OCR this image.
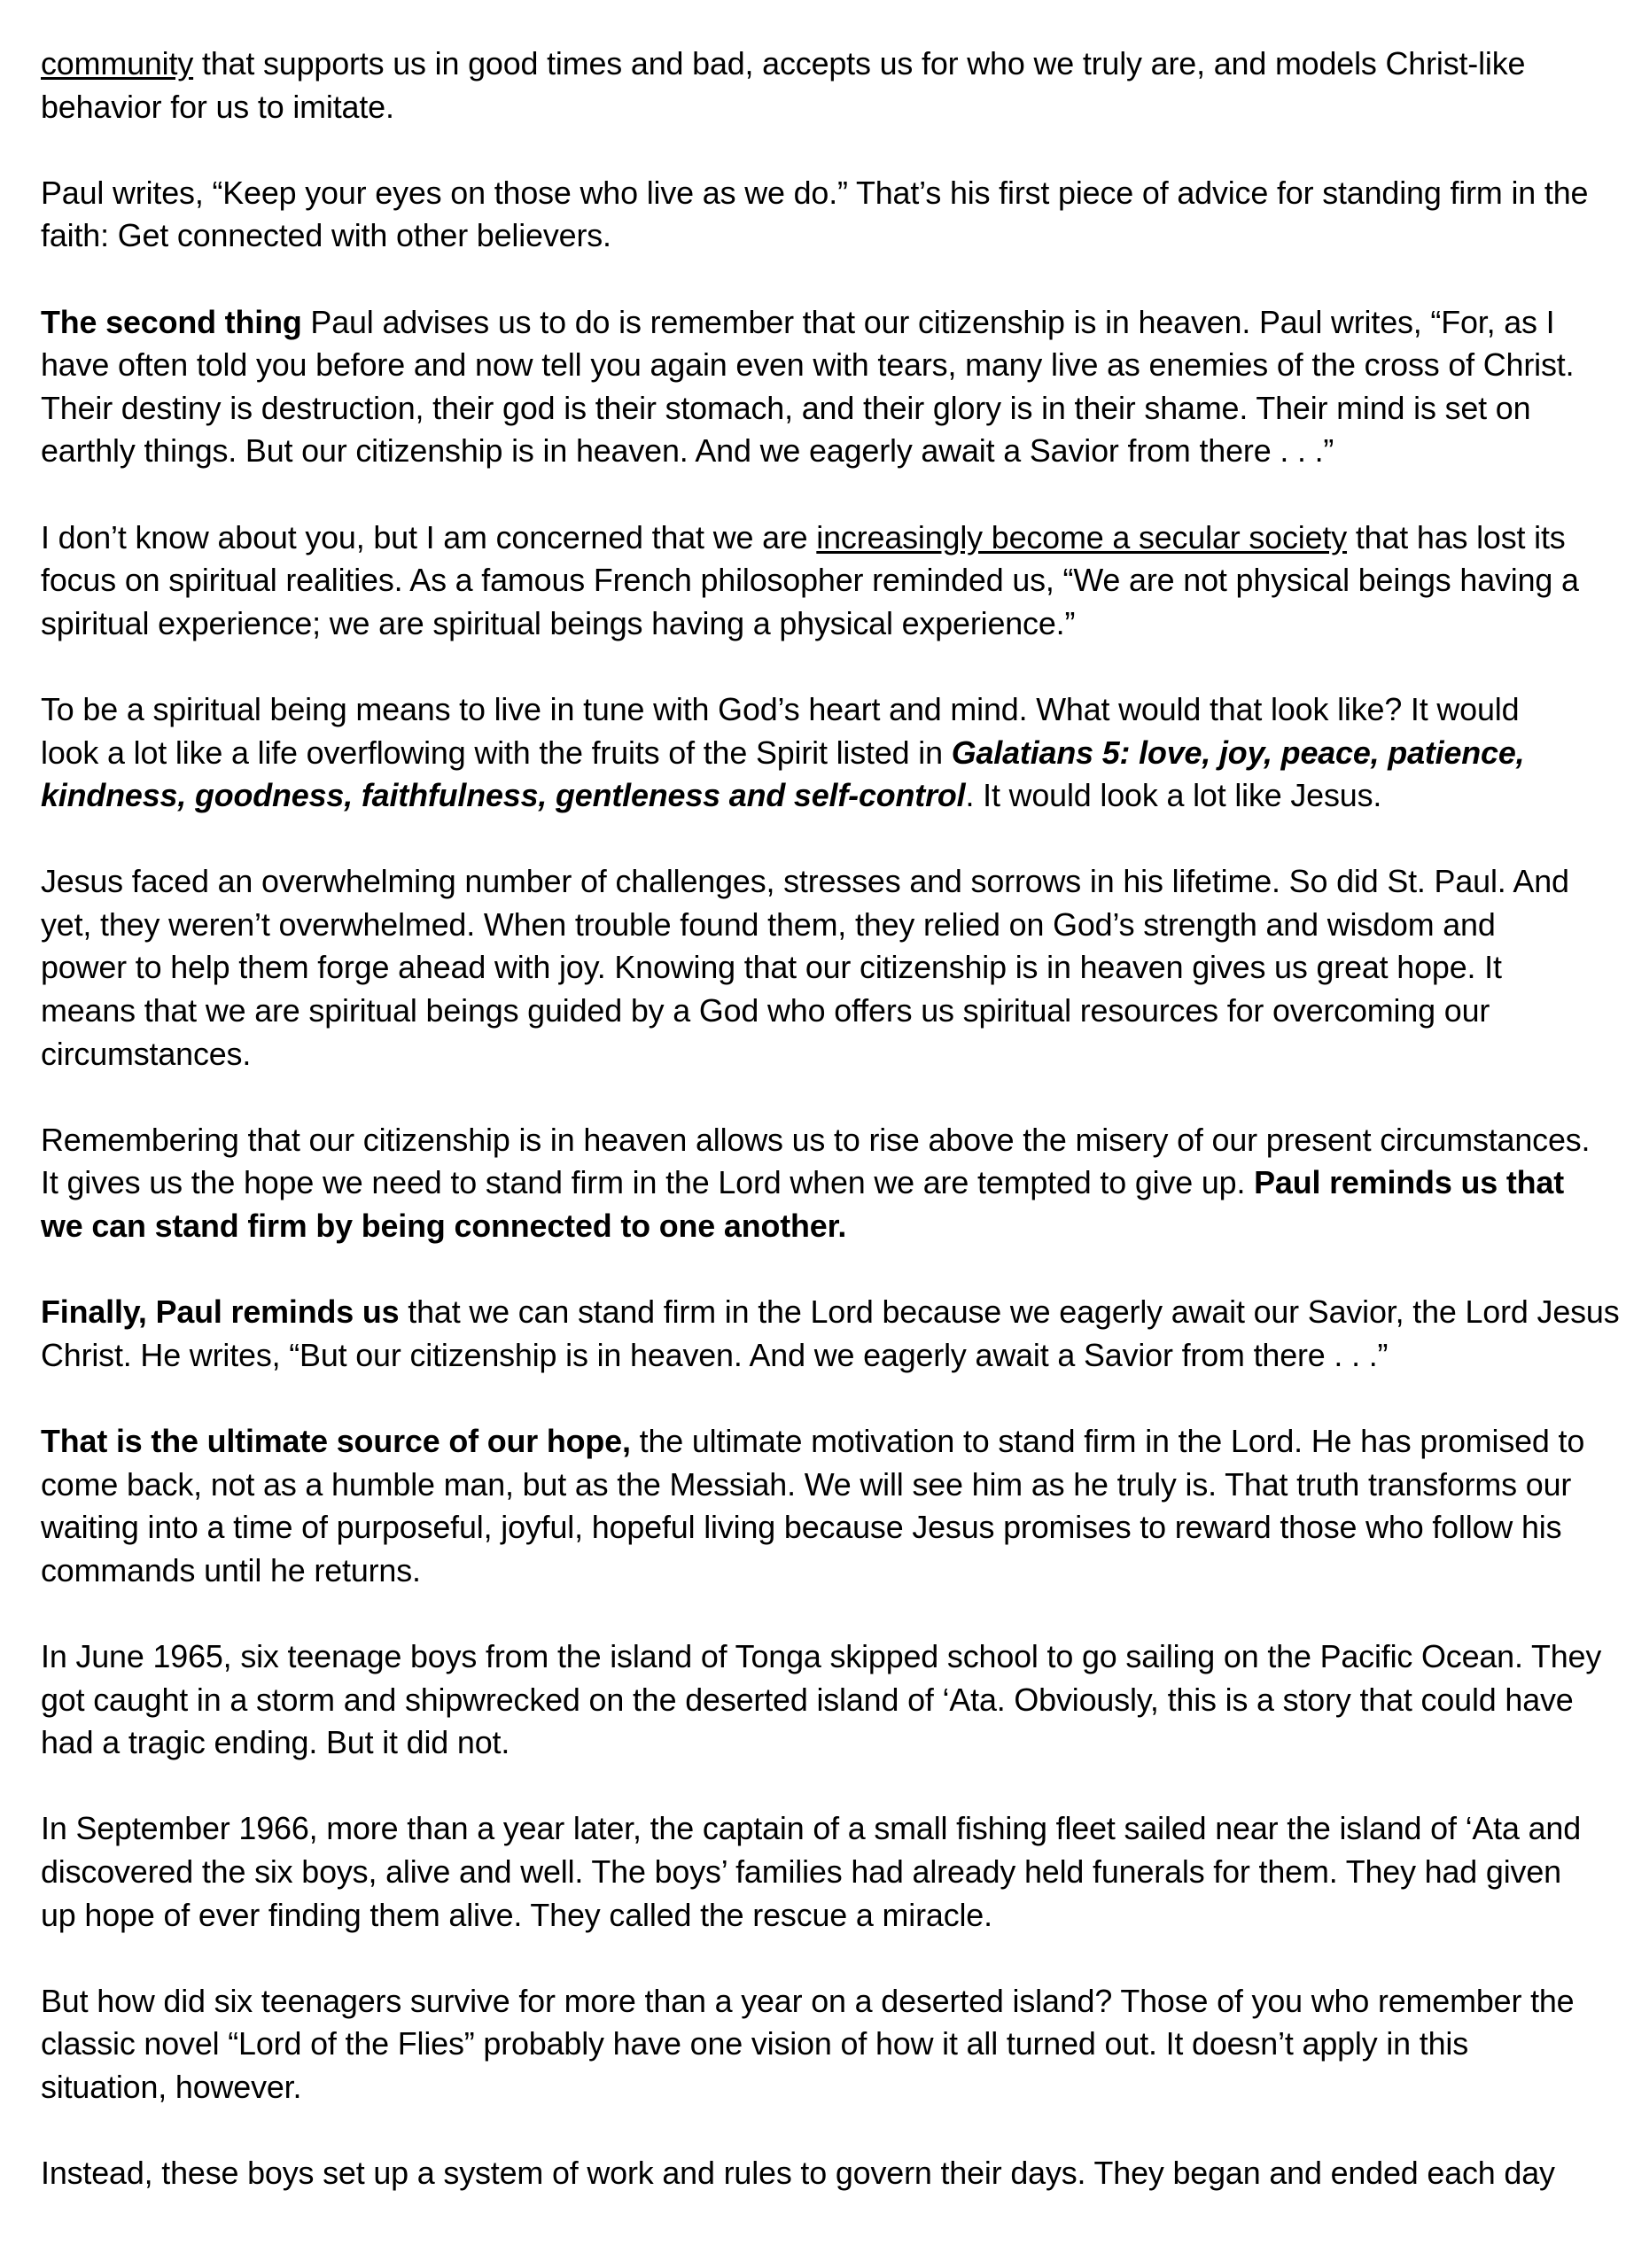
community that supports us in good times and bad, accepts us for who we truly are, and models Christ-like
behavior for us to imitate.
Paul writes, “Keep your eyes on those who live as we do.” That’s his first piece of advice for standing firm in the
faith: Get connected with other believers.
The second thing Paul advises us to do is remember that our citizenship is in heaven. Paul writes, “For, as I
have often told you before and now tell you again even with tears, many live as enemies of the cross of Christ.
Their destiny is destruction, their god is their stomach, and their glory is in their shame. Their mind is set on
earthly things. But our citizenship is in heaven. And we eagerly await a Savior from there . . .”
I don’t know about you, but I am concerned that we are increasingly become a secular society that has lost its
focus on spiritual realities. As a famous French philosopher reminded us, “We are not physical beings having a
spiritual experience; we are spiritual beings having a physical experience.”
To be a spiritual being means to live in tune with God’s heart and mind. What would that look like? It would
look a lot like a life overflowing with the fruits of the Spirit listed in Galatians 5: love, joy, peace, patience,
kindness, goodness, faithfulness, gentleness and self-control. It would look a lot like Jesus.
Jesus faced an overwhelming number of challenges, stresses and sorrows in his lifetime. So did St. Paul. And
yet, they weren’t overwhelmed. When trouble found them, they relied on God’s strength and wisdom and
power to help them forge ahead with joy. Knowing that our citizenship is in heaven gives us great hope. It
means that we are spiritual beings guided by a God who offers us spiritual resources for overcoming our
circumstances.
Remembering that our citizenship is in heaven allows us to rise above the misery of our present circumstances.
It gives us the hope we need to stand firm in the Lord when we are tempted to give up. Paul reminds us that
we can stand firm by being connected to one another.
Finally, Paul reminds us that we can stand firm in the Lord because we eagerly await our Savior, the Lord Jesus
Christ. He writes, “But our citizenship is in heaven. And we eagerly await a Savior from there . . .”
That is the ultimate source of our hope, the ultimate motivation to stand firm in the Lord. He has promised to
come back, not as a humble man, but as the Messiah. We will see him as he truly is. That truth transforms our
waiting into a time of purposeful, joyful, hopeful living because Jesus promises to reward those who follow his
commands until he returns.
In June 1965, six teenage boys from the island of Tonga skipped school to go sailing on the Pacific Ocean. They
got caught in a storm and shipwrecked on the deserted island of ‘Ata. Obviously, this is a story that could have
had a tragic ending. But it did not.
In September 1966, more than a year later, the captain of a small fishing fleet sailed near the island of ‘Ata and
discovered the six boys, alive and well. The boys’ families had already held funerals for them. They had given
up hope of ever finding them alive. They called the rescue a miracle.
But how did six teenagers survive for more than a year on a deserted island? Those of you who remember the
classic novel “Lord of the Flies” probably have one vision of how it all turned out. It doesn’t apply in this
situation, however.
Instead, these boys set up a system of work and rules to govern their days. They began and ended each day
